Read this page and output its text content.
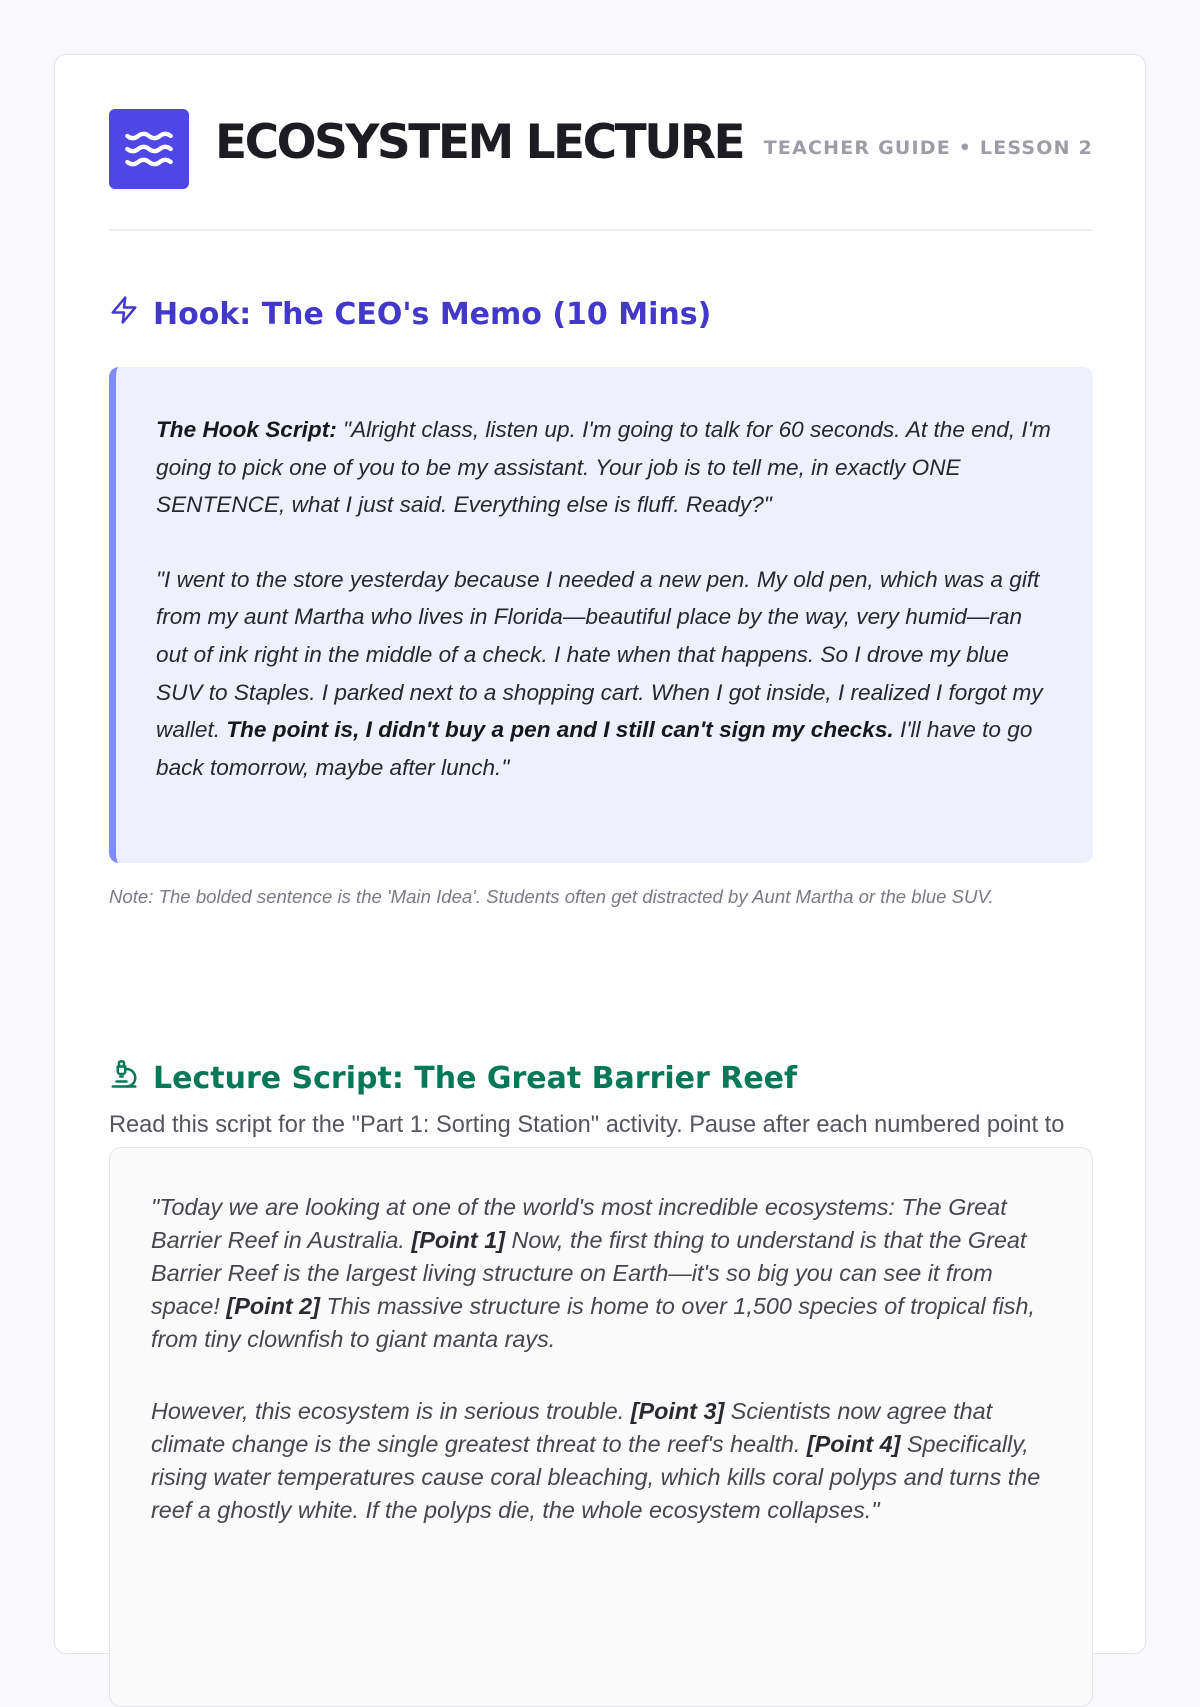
ECOSYSTEM LECTURE TEACHER GUIDE • LESSON 2
Hook: The CEO's Memo (10 Mins)

The Hook Script: "Alright class, listen up. I'm going to talk for 60 seconds. At the end, I'm going to pick one of you to be my assistant. Your job is to tell me, in exactly ONE SENTENCE, what I just said. Everything else is fluff. Ready?"

"I went to the store yesterday because I needed a new pen. My old pen, which was a gift from my aunt Martha who lives in Florida—beautiful place by the way, very humid—ran out of ink right in the middle of a check. I hate when that happens. So I drove my blue SUV to Staples. I parked next to a shopping cart. When I got inside, I realized I forgot my wallet. The point is, I didn't buy a pen and I still can't sign my checks. I'll have to go back tomorrow, maybe after lunch."

Note: The bolded sentence is the 'Main Idea'. Students often get distracted by Aunt Martha or the blue SUV.
Lecture Script: The Great Barrier Reef
Read this script for the "Part 1: Sorting Station" activity. Pause after each numbered point to

"Today we are looking at one of the world's most incredible ecosystems: The Great Barrier Reef in Australia. [Point 1] Now, the first thing to understand is that the Great Barrier Reef is the largest living structure on Earth—it's so big you can see it from space! [Point 2] This massive structure is home to over 1,500 species of tropical fish, from tiny clownfish to giant manta rays.

However, this ecosystem is in serious trouble. [Point 3] Scientists now agree that climate change is the single greatest threat to the reef's health. [Point 4] Specifically, rising water temperatures cause coral bleaching, which kills coral polyps and turns the reef a ghostly white. If the polyps die, the whole ecosystem collapses."
